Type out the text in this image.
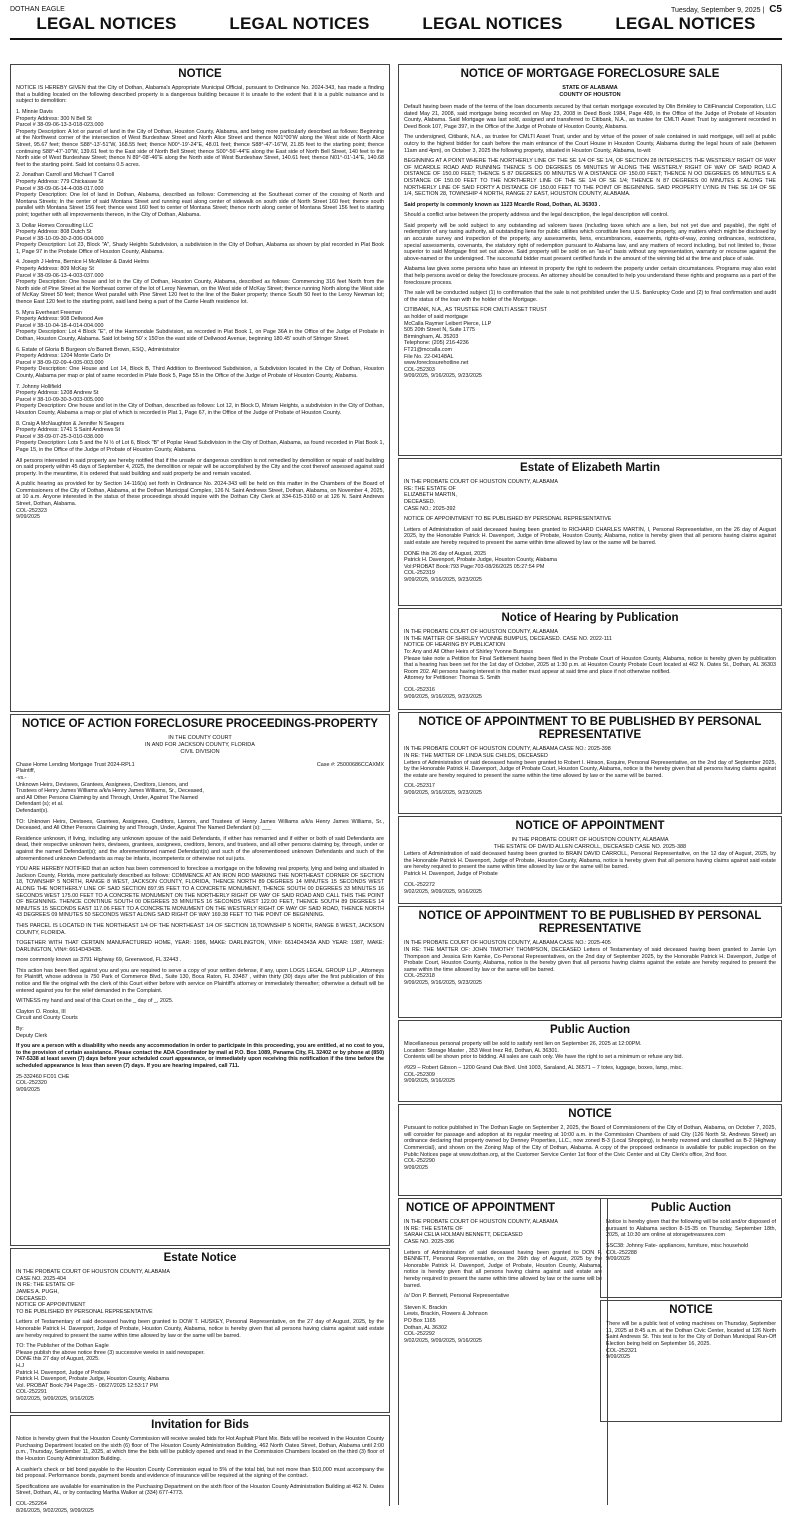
DOTHAN EAGLE	Tuesday, September 9, 2025 | C5
LEGAL NOTICES	LEGAL NOTICES	LEGAL NOTICES	LEGAL NOTICES
NOTICE

NOTICE IS HEREBY GIVEN that the City of Dothan, Alabama's Appropriate Municipal Official, pursuant to Ordinance No. 2024-343, has made a finding that a building located on the following described property is a dangerous building because it is unsafe to the extent that it is a public nuisance and is subject to demolition:

1. Minnie Davis
Property Address: 300 N Bell St
Parcel # 38-09-06-13-3-018-023.000

Property Description: A lot or parcel of land in the City of Dothan, Houston County, Alabama, and being more particularly described as follows: Beginning at the Northwest corner of the intersection of West Burdeshaw Street and North Alice Street and thence N01°00'W along the West side of North Alice Street, 95.67 feet; thence S88°-13'-51"W, 168.55 feet; thence N00°-19'-24"E, 48.01 feet; thence S88°-47'-16"W, 21.85 feet to the starting point; thence continuing S88°-47'-10"W, 139.61 feet to the East side of North Bell Street; thence S00°-56'-44"E along the East side of North Bell Street, 140 feet to the North side of West Burdeshaw Street; thence N 89°-08'-46"E along the North side of West Burdeshaw Street, 140.61 feet; thence N01°-01'-14"E, 140.68 feet to the starting point. Said lot contains 0.5 acres.

2. Jonathan Carroll and Michael T Carroll
Property Address: 779 Chickasaw St
Parcel # 38-09-06-14-4-008-017.000

Property Description: One lot of land in Dothan, Alabama, described as follows: Commencing at the Southeast corner of the crossing of North and Montana Streets; In the center of said Montana Street and running east along center of sidewalk on south side of North Street 160 feet; thence south parallel with Montana Street 156 feet; thence west 160 feet to center of Montana Street; thence north along center of Montana Street 156 feet to starting point; together with all improvements thereon, in the City of Dothan, Alabama.

3. Dollar Homes Consulting LLC
Property Address: 808 Dutch St
Parcel # 38-10-09-30-2-006-004.000

Property Description: Lot 23, Block "A", Shady Heights Subdivision, a subdivision in the City of Dothan, Alabama as shown by plat recorded in Plat Book 1, Page 97 in the Probate Office of Houston County, Alabama.

4. Joseph J Helms, Bernice H McAllister & David Helms
Property Address: 809 McKay St
Parcel # 38-09-06-13-4-003-037.000

Property Description: One house and lot in the City of Dothan, Houston County, Alabama, described as follows: Commencing 316 feet North from the North side of Pine Street at the Northeast corner of the lot of Leroy Newman, on the West side of McKay Street; thence running North along the West side of McKay Street 50 feet; thence West parallel with Pine Street 120 feet to the line of the Baker property; thence South 50 feet to the Leroy Newman lot; thence East 120 feet to the starting point, said land being a part of the Carrie Heath residence lot.

5. Myra Everheart Freeman
Property Address: 908 Dellwood Ave
Parcel # 38-10-04-18-4-014-004.000

Property Description: Lot 4 Block "E", of the Harmondale Subdivision, as recorded in Plat Book 1, on Page 36A in the Office of the Judge of Probate in Dothan, Houston County, Alabama. Said lot being 50' x 150'on the east side of Dellwood Avenue, beginning 180.45' south of Stringer Street.

6. Estate of Gloria B Burgeon c/o Barrett Brown, ESQ., Administrator
Property Address: 1204 Monte Carlo Dr
Parcel # 38-09-02-09-4-005-003.000

Property Description: One House and Lot 14, Block B, Third Addition to Brentwood Subdivision, a Subdivision located in the City of Dothan, Houston County, Alabama per map or plat of same recorded in Plate Book 5, Page 55 in the Office of the Judge of Probate of Houston County, Alabama.

7. Johnny Hollifield
Property Address: 1208 Andrew St
Parcel # 38-10-09-30-3-003-005.000

Property Description: One house and lot in the City of Dothan, described as follows: Lot 12, in Block D, Miriam Heights, a subdivision in the City of Dothan, Houston County, Alabama a map or plat of which is recorded in Plat 1, Page 67, in the Office of the Judge of Probate of Houston County.

8. Craig A McNaughton & Jennifer N Seagers
Property Address: 1741 S Saint Andrews St
Parcel # 38-09-07-25-3-010-038.000

Property Description: Lots 5 and the N ½ of Lot 6, Block "B" of Poplar Head Subdivision in the City of Dothan, Alabama, as found recorded in Plat Book 1, Page 15, in the Office of the Judge of Probate of Houston County, Alabama.

All persons interested in said property are hereby notified that if the unsafe or dangerous condition is not remedied by demolition or repair of said building on said property within 45 days of September 4, 2025, the demolition or repair will be accomplished by the City and the cost thereof assessed against said property. In the meantime, it is ordered that said building and said property be and remain vacated.

A public hearing as provided for by Section 14-116(a) set forth in Ordinance No. 2024-343 will be held on this matter in the Chambers of the Board of Commissioners of the City of Dothan, Alabama, at the Dothan Municipal Complex, 126 N. Saint Andrews Street, Dothan, Alabama, on November 4, 2025, at 10 a.m. Anyone interested in the status of these proceedings should inquire with the Dothan City Clerk at 334-615-3160 or at 126 N. Saint Andrews Street, Dothan, Alabama.

COL-252323
9/09/2025
NOTICE OF ACTION FORECLOSURE PROCEEDINGS-PROPERTY
IN THE COUNTY COURT
IN AND FOR JACKSON COUNTY, FLORIDA
CIVIL DIVISION
Chase Home Lending Mortgage Trust 2024-RPL1	Case #: 25000686CCAXMX
Plaintiff,
-vs.-
Unknown Heirs, Devisees, Grantees, Assignees, Creditors, Lienors, and
Trustees of Henry James Williams a/k/a Henry James Williams, Sr., Deceased,
and All Other Persons Claiming by and Through, Under, Against The Named
Defendant (s); et al.
Defendant(s).

TO: Unknown Heirs, Devisees, Grantees, Assignees, Creditors, Lienors, and Trustees of Henry James Williams a/k/a Henry James Williams, Sr., Deceased, and All Other Persons Claiming by and Through, Under, Against The Named Defendant (s): ___

Residence unknown, if living, including any unknown spouse of the said Defendants, if either has remarried and if either or both of said Defendants are dead, their respective unknown heirs, devisees, grantees, assignees, creditors, lienors, and trustees, and all other persons claiming by, through, under or against the named Defendant(s); and the aforementioned named Defendant(s) and such of the aforementioned unknown Defendants and such of the aforementioned unknown Defendants as may be infants, incompetents or otherwise not sui juris.

YOU ARE HEREBY NOTIFIED that an action has been commenced to foreclose a mortgage on the following real property, lying and being and situated in Jackson County, Florida, more particularly described as follows: COMMENCE AT AN IRON ROD MARKING THE NORTHEAST CORNER OF SECTION 18, TOWNSHIP 5 NORTH, RANGE 8 WEST, JACKSON COUNTY, FLORIDA, THENCE NORTH 89 DEGREES 14 MINUTES 15 SECONDS WEST ALONG THE NORTHERLY LINE OF SAID SECTION 897.95 FEET TO A CONCRETE MONUMENT, THENCE SOUTH 00 DEGREES 33 MINUTES 16 SECONDS WEST 175.00 FEET TO A CONCRETE MONUMENT ON THE NORTHERLY RIGHT OF WAY OF SAID ROAD AND CALL THIS THE POINT OF BEGINNING. THENCE CONTINUE SOUTH 00 DEGREES 33 MINUTES 16 SECONDS WEST 122.00 FEET, THENCE SOUTH 89 DEGREES 14 MINUTES 15 SECONDS EAST 117.06 FEET TO A CONCRETE MONUMENT ON THE WESTERLY RIGHT OF WAY OF SAID ROAD, THENCE NORTH 43 DEGREES 09 MINUTES 50 SECONDS WEST ALONG SAID RIGHT OF WAY 169.38 FEET TO THE POINT OF BEGINNING.

THIS PARCEL IS LOCATED IN THE NORTHEAST 1/4 OF THE NORTHEAST 1/4 OF SECTION 18,TOWNSHIP 5 NORTH, RANGE 8 WEST, JACKSON COUNTY, FLORIDA.

TOGETHER WITH THAT CERTAIN MANUFACTURED HOME, YEAR: 1986, MAKE: DARLINGTON, VIN#: 6614D4343A AND YEAR: 1987, MAKE: DARLINGTON, VIN#: 6614D4343B.

more commonly known as 3791 Highway 69, Greenwood, FL 32443 .

This action has been filed against you and you are required to serve a copy of your written defense, if any, upon LOGS LEGAL GROUP LLP , Attorneys for Plaintiff, whose address is 750 Park of Commerce Blvd., Suite 130, Boca Raton, FL 33487 , within thirty (30) days after the first publication of this notice and file the original with the clerk of this Court either before with service on Plaintiff's attorney or immediately thereafter; otherwise a default will be entered against you for the relief demanded in the Complaint.

WITNESS my hand and seal of this Court on the _ day of _, 2025.

Clayton O. Rooks, III
Circuit and County Courts
By:
Deputy Clerk

If you are a person with a disability who needs any accommodation in order to participate in this proceeding, you are entitled, at no cost to you, to the provision of certain assistance. Please contact the ADA Coordinator by mail at P.O. Box 1089, Panama City, FL 32402 or by phone at (850) 747-5338 at least seven (7) days before your scheduled court appearance, or immediately upon receiving this notification if the time before the scheduled appearance is less than seven (7) days. If you are hearing impaired, call 711.

25-332460 FC01 CHE
COL-252320
9/09/2025
Estate Notice
IN THE PROBATE COURT OF HOUSTON COUNTY, ALABAMA
CASE NO. 2025-404
IN RE: THE ESTATE OF
JAMES A. PUGH,
DECEASED.
NOTICE OF APPOINTMENT
TO BE PUBLISHED BY PERSONAL REPRESENTATIVE

Letters of Testamentary of said deceased having been granted to DOW T. HUSKEY, Personal Representative, on the 27 day of August, 2025, by the Honorable Patrick H. Davenport, Judge of Probate, Houston County, Alabama, notice is hereby given that all persons having claims against said estate are hereby required to present the same within time allowed by law or the same will be barred.

TO: The Publisher of the Dothan Eagle
Please publish the above notice three (3) successive weeks in said newspaper.
DONE this 27 day of August, 2025.
H.J
Patrick H. Davenport, Judge of Probate
Patrick H. Davenport, Probate Judge, Houston County, Alabama
Vol. PROBAT Book:794 Page:35 - 08/27/2025 12:53:17 PM
COL-252291
9/02/2025, 9/09/2025, 9/16/2025
Invitation for Bids

Notice is hereby given that the Houston County Commission will receive sealed bids for Hot Asphalt Plant Mix. Bids will be received in the Houston County Purchasing Department located on the sixth (6) floor of The Houston County Administration Building, 462 North Oates Street, Dothan, Alabama until 2:00 p.m., Thursday, September 11, 2025, at which time the bids will be publicly opened and read in the Commission Chambers located on the third (3) floor of the Houston County Administration Building.

A cashier's check or bid bond payable to the Houston County Commission equal to 5% of the total bid, but not more than $10,000 must accompany the bid proposal. Performance bonds, payment bonds and evidence of insurance will be required at the signing of the contract.

Specifications are available for examination in the Purchasing Department on the sixth floor of the Houston County Administration Building at 462 N. Oates Street, Dothan, AL, or by contacting Martha Walker at (334) 677-4773.

COL-252264
8/26/2025, 9/02/2025, 9/09/2025
NOTICE OF MORTGAGE FORECLOSURE SALE
STATE OF ALABAMA
COUNTY OF HOUSTON

Default having been made of the terms of the loan documents secured by that certain mortgage executed by Olin Brinkley to CitiFinancial Corporation, LLC dated May 21, 2008, said mortgage being recorded on May 23, 2008 in Deed Book 1984, Page 489, in the Office of the Judge of Probate of Houston County, Alabama. Said Mortgage was last sold, assigned and transferred to Citibank, N.A., as trustee for CMLTI Asset Trust by assignment recorded in Deed Book 107, Page 397, in the Office of the Judge of Probate of Houston County, Alabama.

The undersigned, Citibank, N.A., as trustee for CMLTI Asset Trust, under and by virtue of the power of sale contained in said mortgage, will sell at public outcry to the highest bidder for cash before the main entrance of the Court House in Houston County, Alabama during the legal hours of sale (between 11am and 4pm), on October 3, 2025 the following property, situated in Houston County, Alabama, to-wit:

BEGINNING AT A POINT WHERE THE NORTHERLY LINE OF THE SE 1/4 OF SE 1/4, OF SECTION 28 INTERSECTS THE WESTERLY RIGHT OF WAY OF MCARDLE ROAD AND RUNNING THENCE S OO DEGREES 05 MINUTES W ALONG THE WESTERLY RIGHT OF WAY OF SAID ROAD A DISTANCE OF 150.00 FEET; THENCE S 87 DEGREES 00 MINUTES W A DISTANCE OF 150.00 FEET; THENCE N OO DEGREES 05 MINUTES E A DISTANCE OF 150.00 FEET TO THE NORTHERLY LINE OF THE SE 1/4 OF SE 1/4; THENCE N 87 DEGREES 00 MINUTES E ALONG THE NORTHERLY LINE OF SAID FORTY A DISTANCE OF 150.00 FEET TO THE POINT OF BEGINNING. SAID PROPERTY LYING IN THE SE 1/4 OF SE 1/4, SECTION 28, TOWNSHIP 4 NORTH, RANGE 27 EAST, HOUSTON COUNTY, ALABAMA.

Said property is commonly known as 1123 Mcardle Road, Dothan, AL 36303 .

Should a conflict arise between the property address and the legal description, the legal description will control.

Said property will be sold subject to any outstanding ad valorem taxes (including taxes which are a lien, but not yet due and payable), the right of redemption of any taxing authority, all outstanding liens for public utilities which constitute liens upon the property, any matters which might be disclosed by an accurate survey and inspection of the property, any assessments, liens, encumbrances, easements, rights-of-way, zoning ordinances, restrictions, special assessments, covenants, the statutory right of redemption pursuant to Alabama law, and any matters of record including, but not limited to, those superior to said Mortgage first set out above. Said property will be sold on an "as-is" basis without any representation, warranty or recourse against the above-named or the undersigned. The successful bidder must present certified funds in the amount of the winning bid at the time and place of sale.

Alabama law gives some persons who have an interest in property the right to redeem the property under certain circumstances. Programs may also exist that help persons avoid or delay the foreclosure process. An attorney should be consulted to help you understand these rights and programs as a part of the foreclosure process.

The sale will be conducted subject (1) to confirmation that the sale is not prohibited under the U.S. Bankruptcy Code and (2) to final confirmation and audit of the status of the loan with the holder of the Mortgage.

CITIBANK, N.A., AS TRUSTEE FOR CMLTI ASSET TRUST
as holder of said mortgage
McCalla Raymer Leibert Pierce, LLP
505 20th Street N, Suite 1775
Birmingham, AL 35203
Telephone: (205) 216-4236
FT21@mccalla.com
File No. 22-04148AL
www.foreclosurehotline.net
COL-252303
9/09/2025, 9/16/2025, 9/23/2025
Estate of Elizabeth Martin
IN THE PROBATE COURT OF HOUSTON COUNTY, ALABAMA
RE: THE ESTATE OF
ELIZABETH MARTIN,
DECEASED.
CASE NO.: 2025-392

NOTICE OF APPOINTMENT TO BE PUBLISHED BY PERSONAL REPRESENTATIVE

Letters of Administration of said deceased having been granted to RICHARD CHARLES MARTIN, I, Personal Representative, on the 26 day of August 2025, by the Honorable Patrick H. Davenport, Judge of Probate, Houston County, Alabama, notice is hereby given that all persons having claims against said estate are hereby required to present the same within time allowed by law or the same will be barred.

DONE this 26 day of August, 2025
Patrick H. Davenport, Probate Judge, Houston County, Alabama
Vol:PROBAT Book:793 Page:703-08/26/2025 05:27:54 PM
COL-252319
9/09/2025, 9/16/2025, 9/23/2025
Notice of Hearing by Publication
IN THE PROBATE COURT OF HOUSTON COUNTY, ALABAMA
IN THE MATTER OF SHIRLEY YVONNE BUMPUS, DECEASED. CASE NO. 2022-111
NOTICE OF HEARING BY PUBLICATION
To: Any and All Other Heirs of Shirley Yvonne Bumpus

Please take note a Petition for Final Settlement having been filed in the Probate Court of Houston County, Alabama, notice is hereby given by publication that a hearing has been set for the 1st day of October, 2025 at 1:30 p.m. at Houston County Probate Court located at 462 N. Oates St., Dothan, AL 36303 Room 202. All persons having interest in this matter must appear at said time and place if not otherwise notified.

Attorney for Petitioner: Thomas S. Smith
COL-252316
9/09/2025, 9/16/2025, 9/23/2025
NOTICE OF APPOINTMENT TO BE PUBLISHED BY PERSONAL REPRESENTATIVE
IN THE PROBATE COURT OF HOUSTON COUNTY, ALABAMA CASE NO.: 2025-398
IN RE: THE MATTER OF LINDA SUE CHILDS, DECEASED

Letters of Administration of said deceased having been granted to Robert I. Hinson, Esquire, Personal Representative, on the 2nd day of September 2025, by the Honorable Patrick H. Davenport, Judge of Probate Court, Houston County, Alabama, notice is the hereby given that all persons having claims against the estate are hereby required to present the same within the time allowed by law or the same will be barred.

COL-252317
9/09/2025, 9/16/2025, 9/23/2025
NOTICE OF APPOINTMENT
IN THE PROBATE COURT OF HOUSTON COUNTY, ALABAMA
THE ESTATE OF DAVID ALLEN CARROLL, DECEASED CASE NO. 2025-388

Letters of Administration of said deceased having been granted to BRAIN DAVID CARROLL, Personal Representative, on the 12 day of August, 2025, by the Honorable Patrick H. Davenport, Judge of Probate, Houston County, Alabama, notice is hereby given that all persons having claims against said estate are hereby required to present the same within time allowed by law or the same will be barred.

Patrick H. Davenport, Judge of Probate
COL-252272
9/02/2025, 9/09/2025, 9/16/2025
NOTICE OF APPOINTMENT TO BE PUBLISHED BY PERSONAL REPRESENTATIVE
IN THE PROBATE COURT OF HOUSTON COUNTY, ALABAMA CASE NO.: 2025-405

IN RE: THE MATTER OF: JOHN TIMOTHY THOMPSON, DECEASED Letters of Testamentary of said deceased having been granted to Jamie Lyn Thompson and Jessica Erin Kamke, Co-Personal Representatives, on the 2nd day of September 2025, by the Honorable Patrick H. Davenport, Judge of Probate Court, Houston County, Alabama, notice is the hereby given that all persons having claims against the estate are hereby required to present the same within the time allowed by law or the same will be barred.

COL-252318
9/09/2025, 9/16/2025, 9/23/2025
Public Auction

Miscellaneous personal property will be sold to satisfy rent lien on September 26, 2025 at 12:00PM.

Location: Storage Master , 353 West Inez Rd, Dothan, AL 36301.

Contents will be shown prior to bidding. All sales are cash only. We have the right to set a minimum or refuse any bid.

#929 – Robert Gibson – 1200 Grand Oak Blvd. Unit 1003, Saraland, AL 36571 – 7 totes, luggage, boxes, lamp, misc.

COL-252309
9/09/2025, 9/16/2025
NOTICE

Pursuant to notice published in The Dothan Eagle on September 2, 2025, the Board of Commissioners of the City of Dothan, Alabama, on October 7, 2025, will consider for passage and adoption at its regular meeting at 10:00 a.m. in the Commission Chambers of said City (126 North St. Andrews Street) an ordinance declaring that property owned by Denney Properties, LLC., now zoned B-3 (Local Shopping), is hereby rezoned and classified as B-2 (Highway Commercial), and shown on the Zoning Map of the City of Dothan, Alabama. A copy of the proposed ordinance is available for public inspection on the Public Notices page at www.dothan.org, at the Customer Service Center 1st floor of the Civic Center and at City Clerk's office, 2nd floor.

COL-252290
9/09/2025
NOTICE OF APPOINTMENT
IN THE PROBATE COURT OF HOUSTON COUNTY, ALABAMA
IN RE: THE ESTATE OF
SARAH CELIA HOLMAN BENNETT, DECEASED
CASE NO. 2025-396

Letters of Administration of said deceased having been granted to DON P. BENNETT, Personal Representative, on the 26th day of August, 2025 by the Honorable Patrick H. Davenport, Judge of Probate, Houston County, Alabama, notice is hereby given that all persons having claims against said estate are hereby required to present the same within time allowed by law or the same will be barred.

/s/ Don P. Bennett, Personal Representative
Steven K. Brackin
Lewis, Brackin, Flowers & Johnson
PO Box 1165
Dothan, AL 36302
COL-252292
9/02/2025, 9/09/2025, 9/16/2025
Public Auction

Notice is hereby given that the following will be sold and/or disposed of pursuant to Alabama section 8-15-35 on Thursday, September 18th, 2025, at 10:30 am online at storagetreasures.com

SSC38: Johnny Fate- appliances, furniture, misc household
COL-252288
9/09/2025
NOTICE

There will be a public test of voting machines on Thursday, September 11, 2025 at 8:45 a.m. at the Dothan Civic Center, located at 126 North Saint Andrews St. This test is for the City of Dothan Municipal Run-Off Election being held on September 16, 2025.

COL-252321
9/09/2025
